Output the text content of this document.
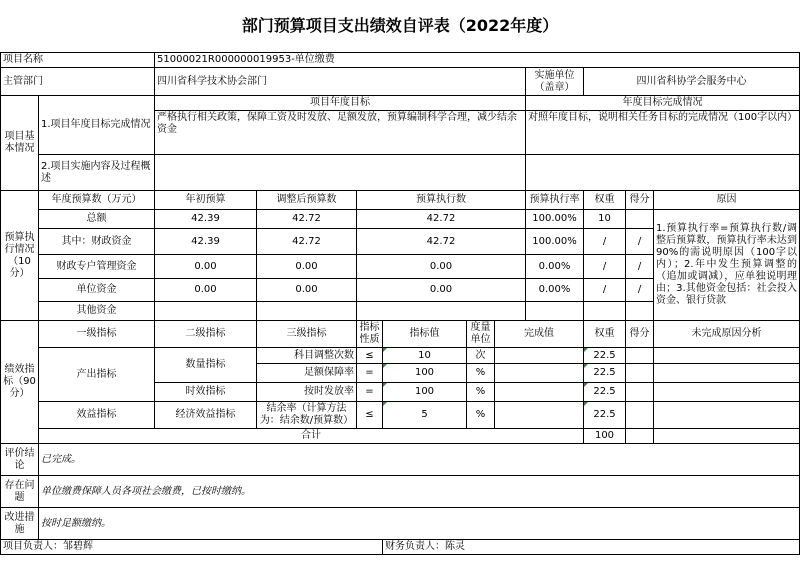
部门预算项目支出绩效自评表（2022年度）
项目名称		51000021R000000019953-单位缴费									
主管部门		四川省科学技术协会部门						实施单位（盖章）	四川省科协学会服务中心		
项目基本情况	1.项目年度目标完成情况	项目年度目标						年度目标完成情况			
		严格执行相关政策，保障工资及时发放、足额发放，预算编制科学合理，减少结余资金						对照年度目标，说明相关任务目标的完成情况（100字以内）			
	2.项目实施内容及过程概述										
预算执行情况（10分）	年度预算数（万元）	年初预算	调整后预算数	预算执行数				预算执行率	权重	得分	原因
	总额	42.39	42.72	42.72				100.00%	10		1.预算执行率=预算执行数/调整后预算数，预算执行率未达到90%的需说明原因（100字以内）；2.年中发生预算调整的（追加或调减），应单独说明理由；3.其他资金包括：社会投入资金、银行贷款
	其中：财政资金	42.39	42.72	42.72				100.00%	/	/	
	财政专户管理资金	0.00	0.00	0.00				0.00%	/	/	
	单位资金	0.00	0.00	0.00				0.00%	/	/	
	其他资金										
绩效指标（90分）	一级指标	二级指标	三级指标	指标性质	指标值	度量单位	完成值		权重	得分	未完成原因分析
	产出指标	数量指标	科目调整次数	≤	10	次			22.5		
			足额保障率	=	100	%			22.5		
		时效指标	按时发放率	=	100	%			22.5		
	效益指标	经济效益指标	结余率（计算方法为：结余数/预算数）	≤	5	%			22.5		
	合计								100		
评价结论	已完成。										
存在问题	单位缴费保障人员各项社会缴费，已按时缴纳。										
改进措施	按时足额缴纳。										
项目负责人：邹碧辉					财务负责人：陈灵						
